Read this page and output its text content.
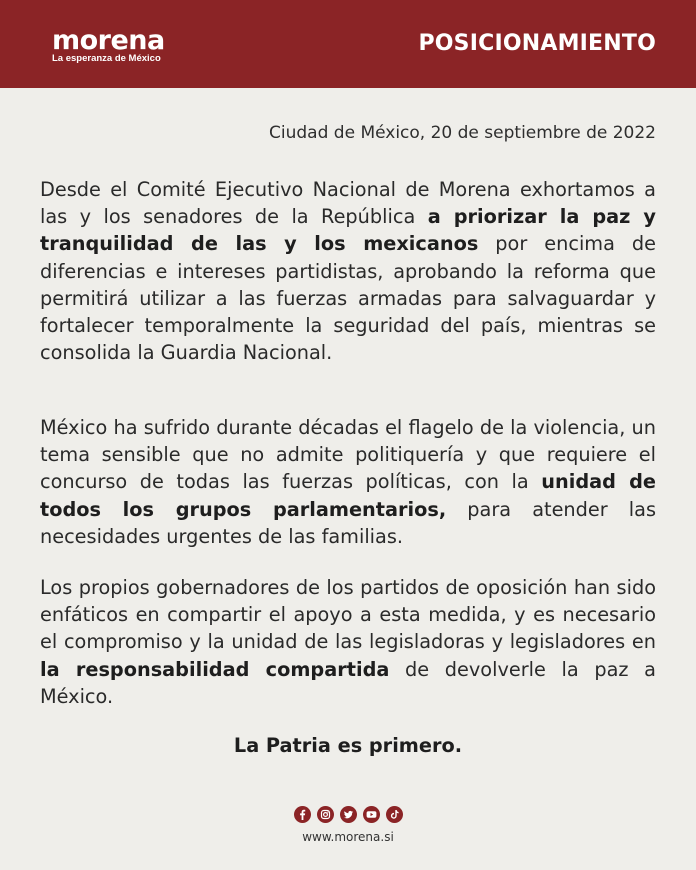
morena
La esperanza de México
POSICIONAMIENTO
Ciudad de México, 20 de septiembre de 2022
Desde el Comité Ejecutivo Nacional de Morena exhortamos a las y los senadores de la República a priorizar la paz y tranquilidad de las y los mexicanos por encima de diferencias e intereses partidistas, aprobando la reforma que permitirá utilizar a las fuerzas armadas para salvaguardar y fortalecer temporalmente la seguridad del país, mientras se consolida la Guardia Nacional.
México ha sufrido durante décadas el flagelo de la violencia, un tema sensible que no admite politiquería y que requiere el concurso de todas las fuerzas políticas, con la unidad de todos los grupos parlamentarios, para atender las necesidades urgentes de las familias.
Los propios gobernadores de los partidos de oposición han sido enfáticos en compartir el apoyo a esta medida, y es necesario el compromiso y la unidad de las legisladoras y legisladores en la responsabilidad compartida de devolverle la paz a México.
La Patria es primero.
www.morena.si
